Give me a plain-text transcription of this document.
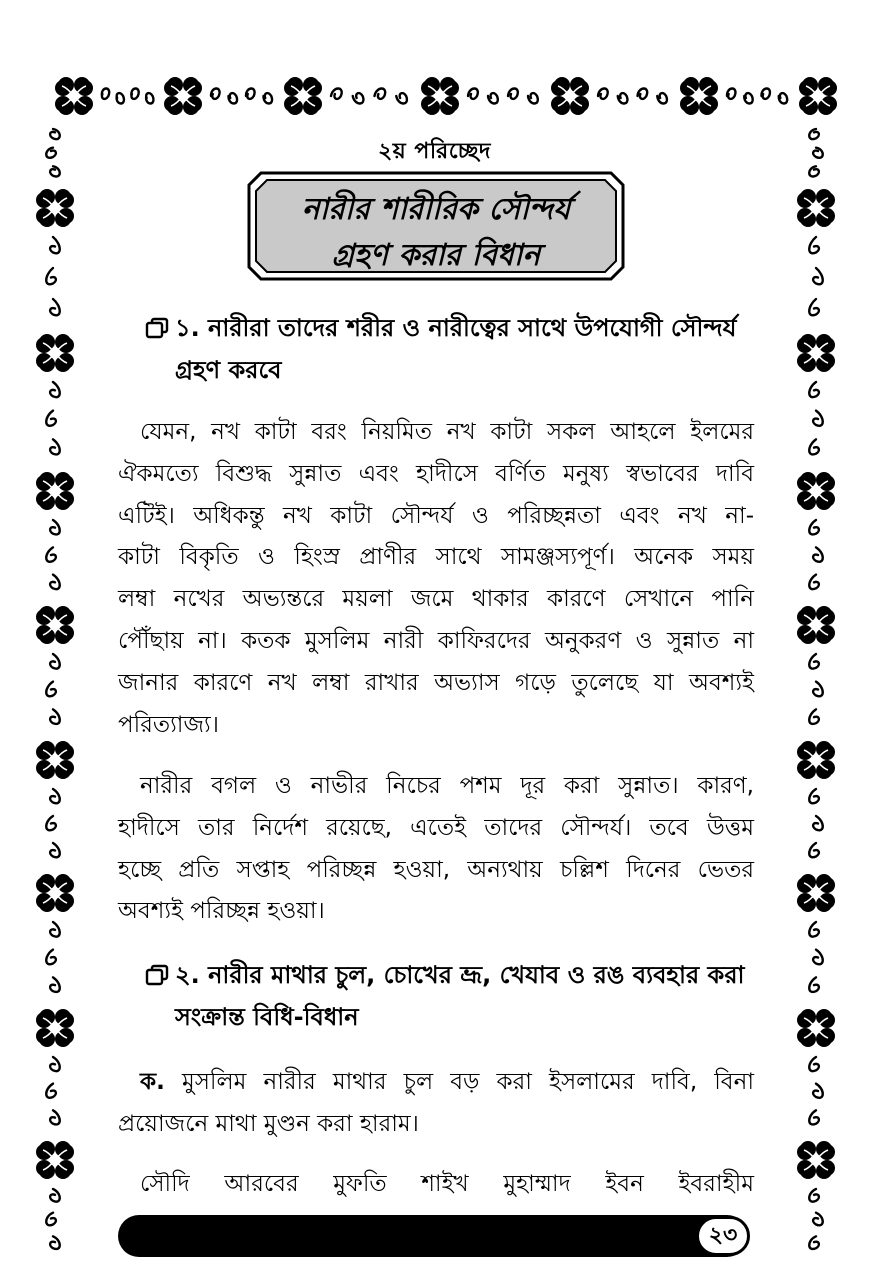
২য় পরিচ্ছেদ
নারীর শারীরিক সৌন্দর্য
গ্রহণ করার বিধান
১. নারীরা তাদের শরীর ও নারীত্বের সাথে উপযোগী সৌন্দর্য
গ্রহণ করবে
যেমন, নখ কাটা বরং নিয়মিত নখ কাটা সকল আহলে ইলমের
ঐকমত্যে বিশুদ্ধ সুন্নাত এবং হাদীসে বর্ণিত মনুষ্য স্বভাবের দাবি
এটিই। অধিকন্তু নখ কাটা সৌন্দর্য ও পরিচ্ছন্নতা এবং নখ না-
কাটা বিকৃতি ও হিংস্র প্রাণীর সাথে সামঞ্জস্যপূর্ণ। অনেক সময়
লম্বা নখের অভ্যন্তরে ময়লা জমে থাকার কারণে সেখানে পানি
পৌঁছায় না। কতক মুসলিম নারী কাফিরদের অনুকরণ ও সুন্নাত না
জানার কারণে নখ লম্বা রাখার অভ্যাস গড়ে তুলেছে যা অবশ্যই
পরিত্যাজ্য।
নারীর বগল ও নাভীর নিচের পশম দূর করা সুন্নাত। কারণ,
হাদীসে তার নির্দেশ রয়েছে, এতেই তাদের সৌন্দর্য। তবে উত্তম
হচ্ছে প্রতি সপ্তাহ পরিচ্ছন্ন হওয়া, অন্যথায় চল্লিশ দিনের ভেতর
অবশ্যই পরিচ্ছন্ন হওয়া।
২. নারীর মাথার চুল, চোখের ভ্রূ, খেযাব ও রঙ ব্যবহার করা
সংক্রান্ত বিধি-বিধান
ক. মুসলিম নারীর মাথার চুল বড় করা ইসলামের দাবি, বিনা
প্রয়োজনে মাথা মুণ্ডন করা হারাম।
সৌদি আরবের মুফতি শাইখ মুহাম্মাদ ইবন ইবরাহীম
২৩
